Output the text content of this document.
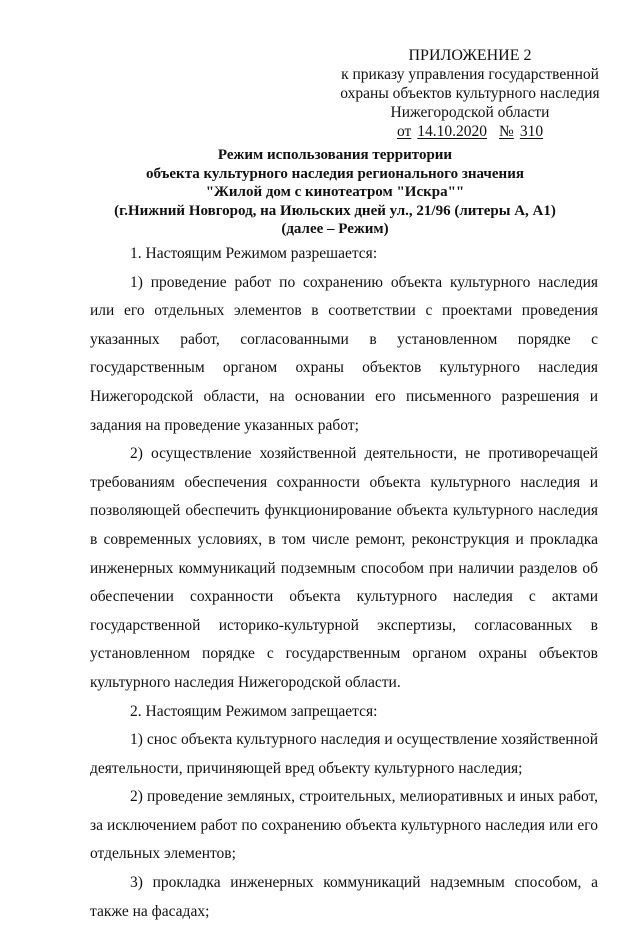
ПРИЛОЖЕНИЕ 2
к приказу управления государственной
охраны объектов культурного наследия
Нижегородской области
от 14.10.2020 № 310
Режим использования территории
объекта культурного наследия регионального значения
"Жилой дом с кинотеатром "Искра""
(г.Нижний Новгород, на Июльских дней ул., 21/96 (литеры А, А1)
(далее – Режим)

1. Настоящим Режимом разрешается:

1) проведение работ по сохранению объекта культурного наследия или его отдельных элементов в соответствии с проектами проведения указанных работ, согласованными в установленном порядке с государственным органом охраны объектов культурного наследия Нижегородской области, на основании его письменного разрешения и задания на проведение указанных работ;

2) осуществление хозяйственной деятельности, не противоречащей требованиям обеспечения сохранности объекта культурного наследия и позволяющей обеспечить функционирование объекта культурного наследия в современных условиях, в том числе ремонт, реконструкция и прокладка инженерных коммуникаций подземным способом при наличии разделов об обеспечении сохранности объекта культурного наследия с актами государственной историко-культурной экспертизы, согласованных в установленном порядке с государственным органом охраны объектов культурного наследия Нижегородской области.

2. Настоящим Режимом запрещается:

1) снос объекта культурного наследия и осуществление хозяйственной деятельности, причиняющей вред объекту культурного наследия;

2) проведение земляных, строительных, мелиоративных и иных работ, за исключением работ по сохранению объекта культурного наследия или его отдельных элементов;

3) прокладка инженерных коммуникаций надземным способом, а также на фасадах;
